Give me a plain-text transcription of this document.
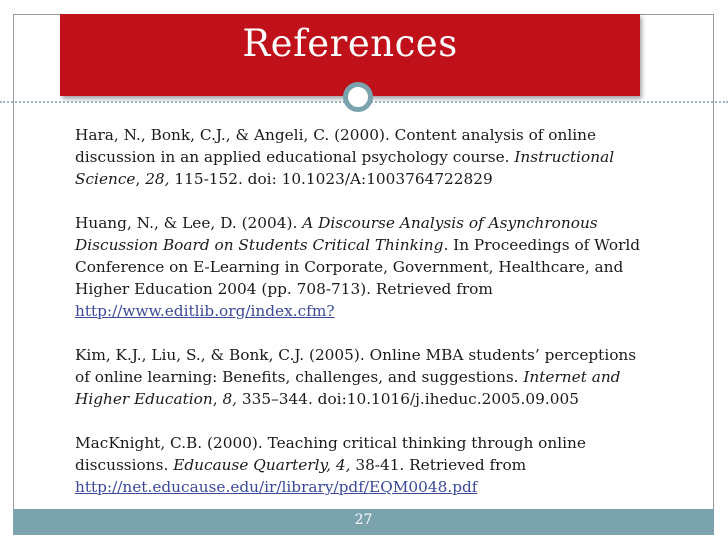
References

Hara, N., Bonk, C.J., & Angeli, C. (2000). Content analysis of online discussion in an applied educational psychology course. Instructional Science, 28, 115-152. doi: 10.1023/A:1003764722829

Huang, N., & Lee, D. (2004). A Discourse Analysis of Asynchronous Discussion Board on Students Critical Thinking. In Proceedings of World Conference on E-Learning in Corporate, Government, Healthcare, and Higher Education 2004 (pp. 708-713). Retrieved from http://www.editlib.org/index.cfm?

Kim, K.J., Liu, S., & Bonk, C.J. (2005). Online MBA students’ perceptions of online learning: Benefits, challenges, and suggestions. Internet and Higher Education, 8, 335–344. doi:10.1016/j.iheduc.2005.09.005

MacKnight, C.B. (2000). Teaching critical thinking through online discussions. Educause Quarterly, 4, 38-41. Retrieved from http://net.educause.edu/ir/library/pdf/EQM0048.pdf

27
